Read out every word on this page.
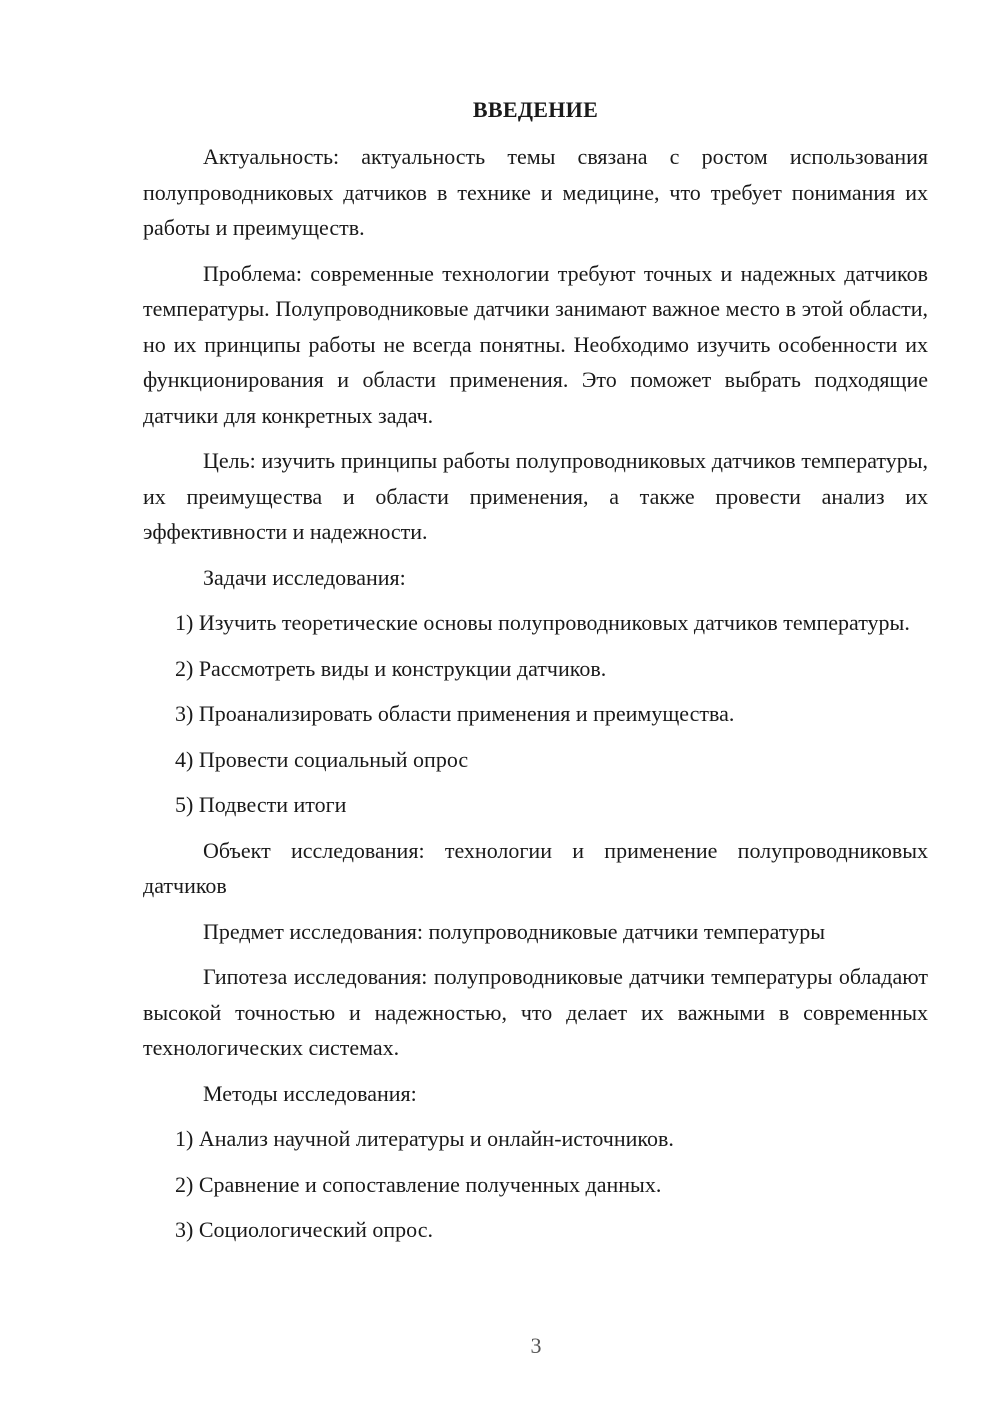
ВВЕДЕНИЕ

Актуальность: актуальность темы связана с ростом использования полупроводниковых датчиков в технике и медицине, что требует понимания их работы и преимуществ.

Проблема: современные технологии требуют точных и надежных датчиков температуры. Полупроводниковые датчики занимают важное место в этой области, но их принципы работы не всегда понятны. Необходимо изучить особенности их функционирования и области применения. Это поможет выбрать подходящие датчики для конкретных задач.

Цель: изучить принципы работы полупроводниковых датчиков температуры, их преимущества и области применения, а также провести анализ их эффективности и надежности.

Задачи исследования:

1) Изучить теоретические основы полупроводниковых датчиков температуры.

2) Рассмотреть виды и конструкции датчиков.

3) Проанализировать области применения и преимущества.

4) Провести социальный опрос

5) Подвести итоги

Объект исследования: технологии и применение полупроводниковых датчиков

Предмет исследования: полупроводниковые датчики температуры

Гипотеза исследования: полупроводниковые датчики температуры обладают высокой точностью и надежностью, что делает их важными в современных технологических системах.

Методы исследования:

1) Анализ научной литературы и онлайн-источников.

2) Сравнение и сопоставление полученных данных.

3) Социологический опрос.

3
